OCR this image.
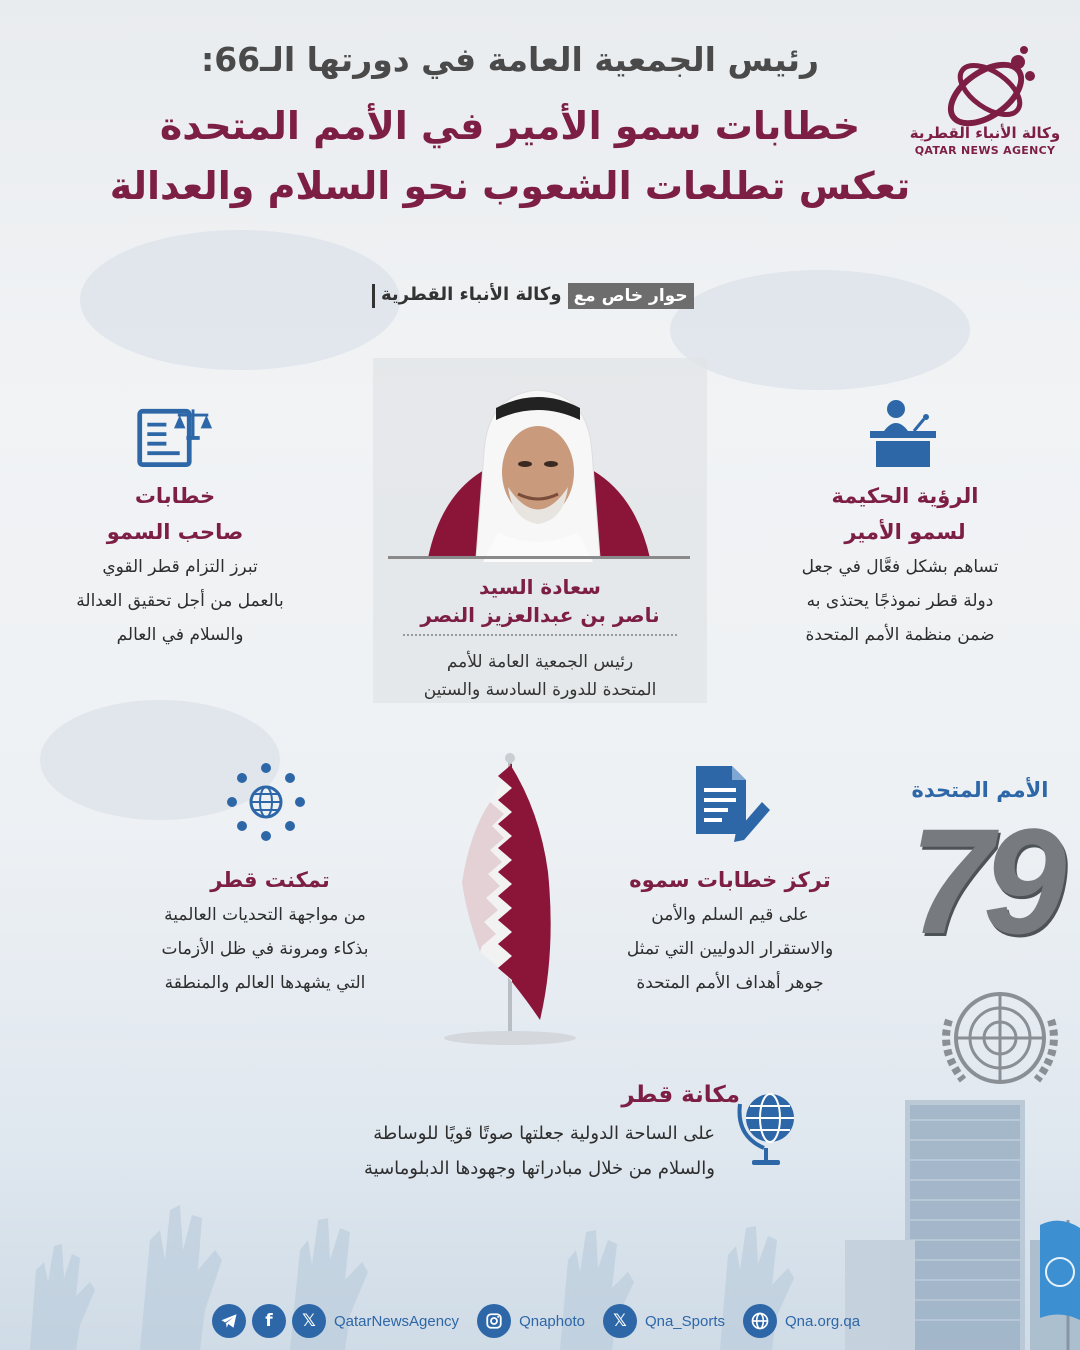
رئيس الجمعية العامة في دورتها الـ66:
خطابات سمو الأمير في الأمم المتحدة
تعكس تطلعات الشعوب نحو السلام والعدالة
وكالة الأنباء القطرية
QATAR NEWS AGENCY
حوار خاص مع
وكالة الأنباء القطرية
سعادة السيد
ناصر بن عبدالعزيز النصر
رئيس الجمعية العامة للأمم
المتحدة للدورة السادسة والستين
الرؤية الحكيمة
لسمو الأمير
تساهم بشكل فعَّال في جعل
دولة قطر نموذجًا يحتذى به
ضمن منظمة الأمم المتحدة
خطابات
صاحب السمو
تبرز التزام قطر القوي
بالعمل من أجل تحقيق العدالة
والسلام في العالم
تركز خطابات سموه
على قيم السلم والأمن
والاستقرار الدوليين التي تمثل
جوهر أهداف الأمم المتحدة
تمكنت قطر
من مواجهة التحديات العالمية
بذكاء ومرونة في ظل الأزمات
التي يشهدها العالم والمنطقة
الأمم المتحدة
79
مكانة قطر
على الساحة الدولية جعلتها صوتًا قويًا للوساطة
والسلام من خلال مبادراتها وجهودها الدبلوماسية
f	𝕏	QatarNewsAgency	Qnaphoto	𝕏	Qna_Sports	Qna.org.qa
